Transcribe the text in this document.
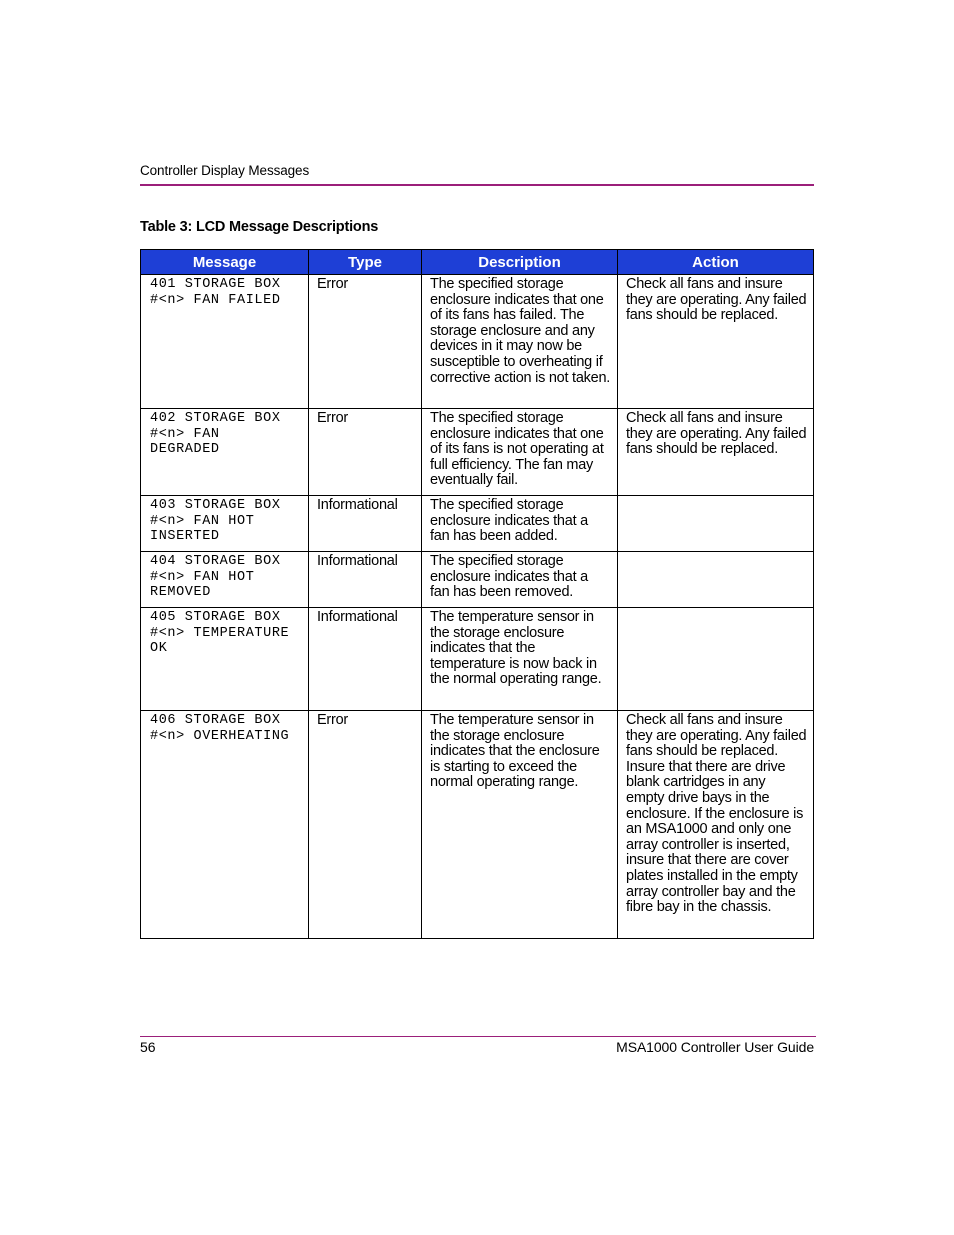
Controller Display Messages
Table 3: LCD Message Descriptions
Message	Type	Description	Action
401 STORAGE BOX
#<n> FAN FAILED	Error	The specified storage enclosure indicates that one of its fans has failed. The storage enclosure and any devices in it may now be susceptible to overheating if corrective action is not taken.	Check all fans and insure they are operating. Any failed fans should be replaced.
402 STORAGE BOX
#<n> FAN
DEGRADED	Error	The specified storage enclosure indicates that one of its fans is not operating at full efficiency. The fan may eventually fail.	Check all fans and insure they are operating. Any failed fans should be replaced.
403 STORAGE BOX
#<n> FAN HOT
INSERTED	Informational	The specified storage enclosure indicates that a fan has been added.	
404 STORAGE BOX
#<n> FAN HOT
REMOVED	Informational	The specified storage enclosure indicates that a fan has been removed.	
405 STORAGE BOX
#<n> TEMPERATURE
OK	Informational	The temperature sensor in the storage enclosure indicates that the temperature is now back in the normal operating range.	
406 STORAGE BOX
#<n> OVERHEATING	Error	The temperature sensor in the storage enclosure indicates that the enclosure is starting to exceed the normal operating range.	Check all fans and insure they are operating. Any failed fans should be replaced. Insure that there are drive blank cartridges in any empty drive bays in the enclosure. If the enclosure is an MSA1000 and only one array controller is inserted, insure that there are cover plates installed in the empty array controller bay and the fibre bay in the chassis.
56	MSA1000 Controller User Guide
